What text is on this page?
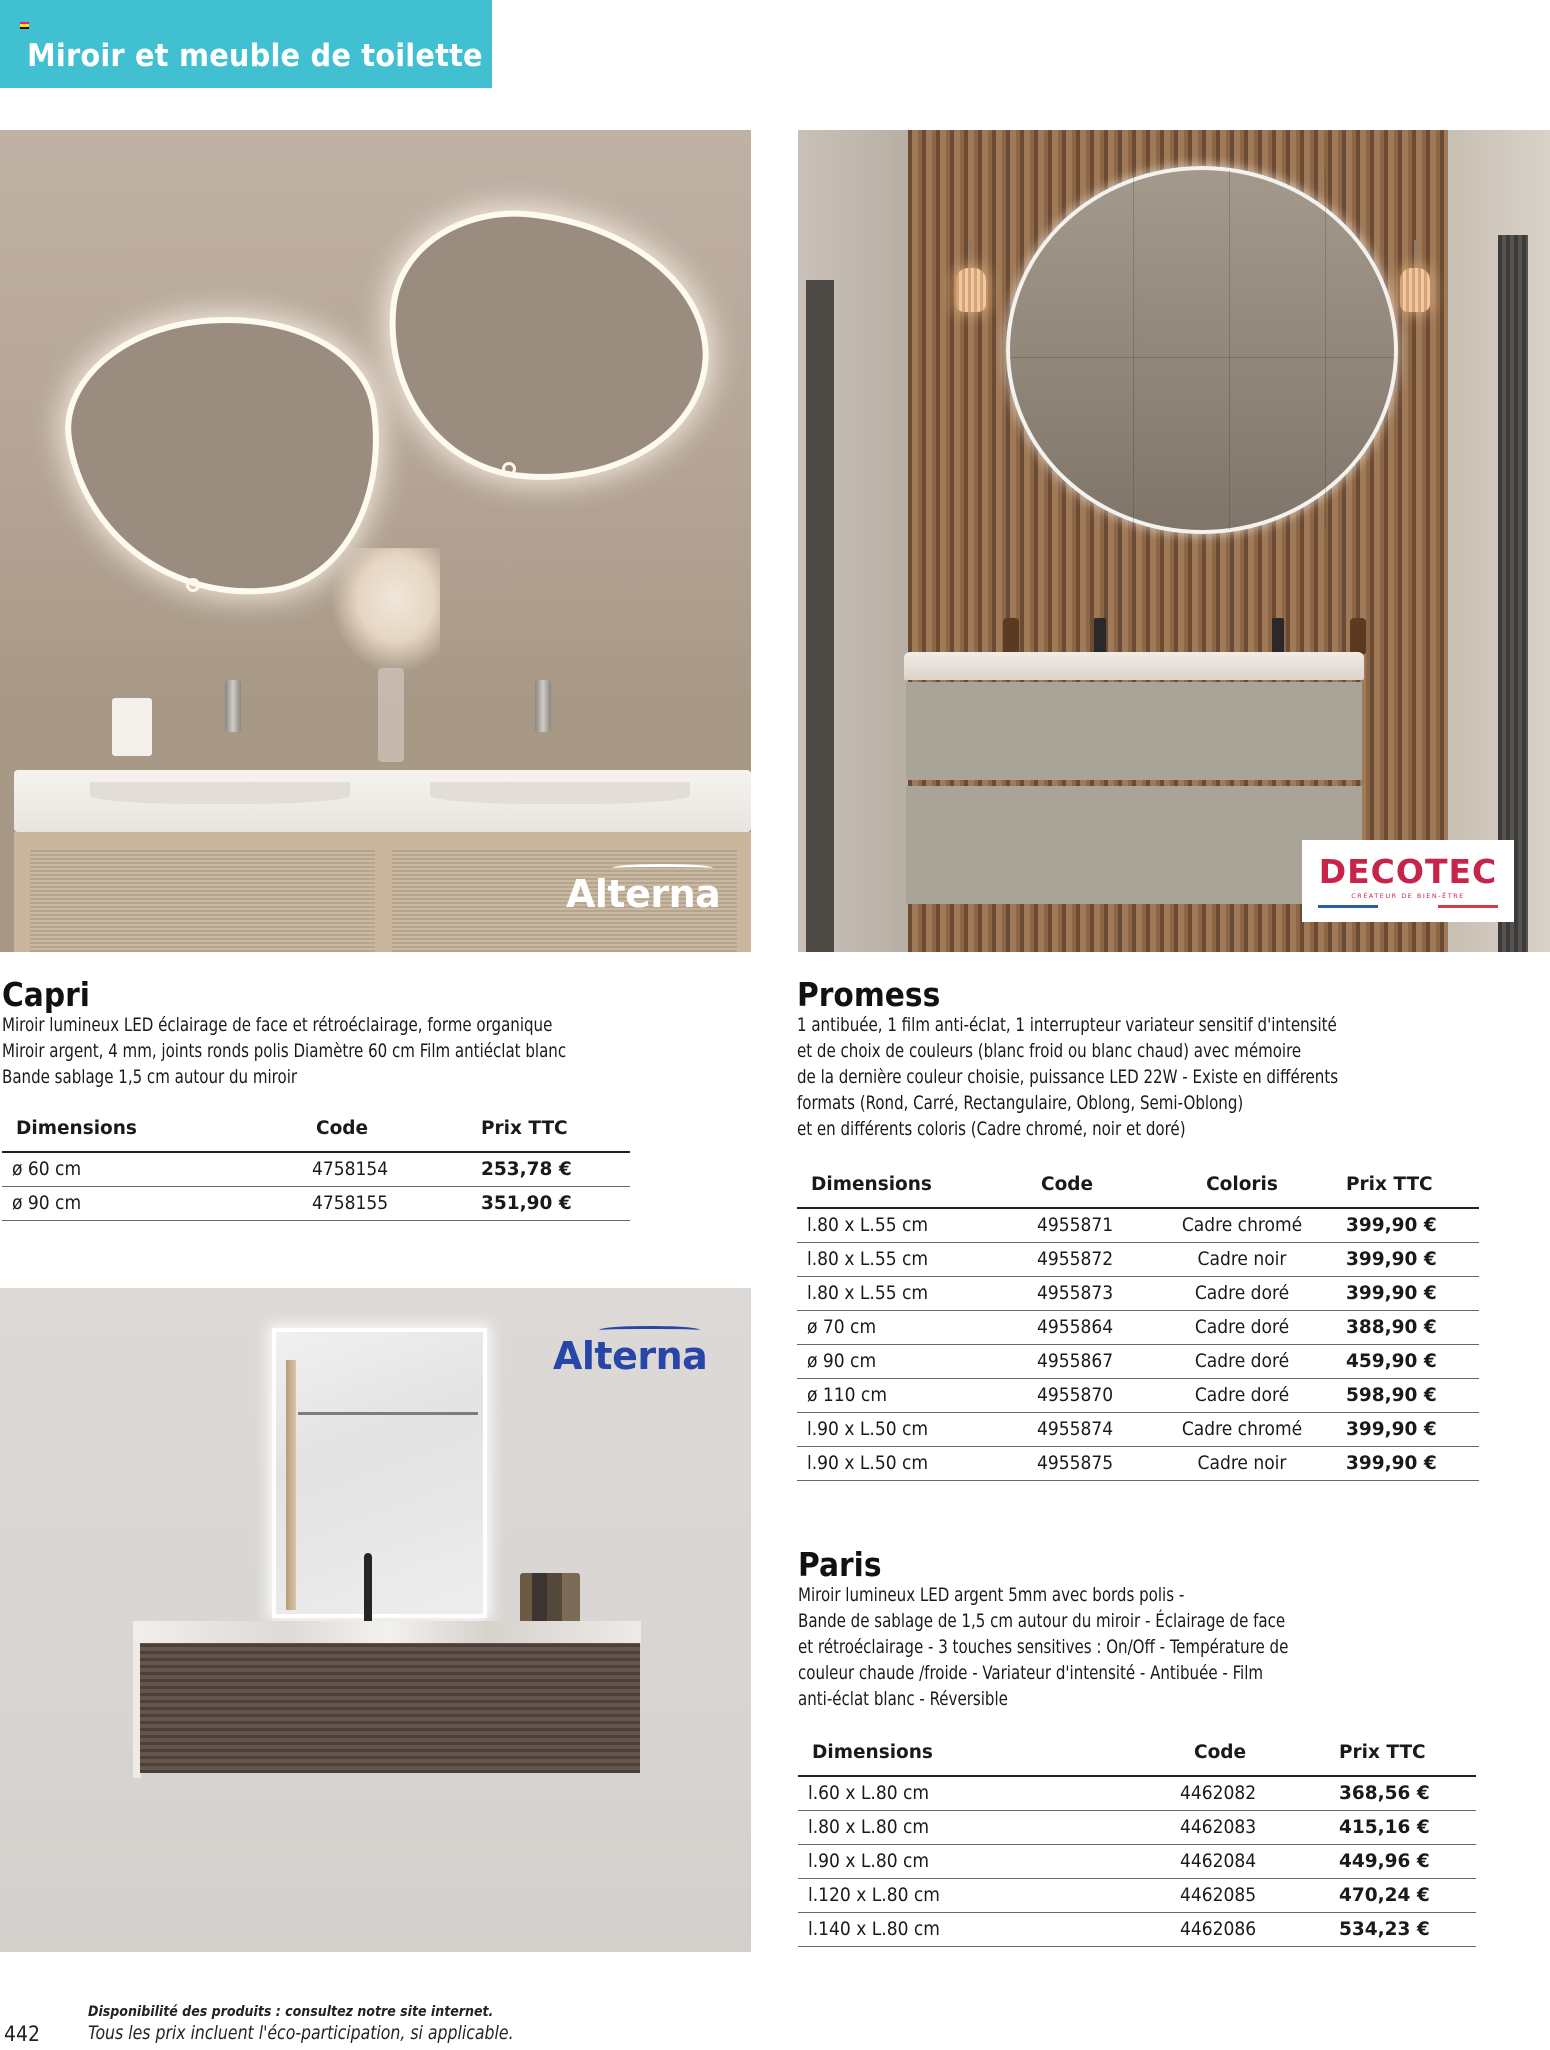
Miroir et meuble de toilette
Alterna
DECOTEC
CRÉATEUR DE BIEN-ÊTRE
Capri
Miroir lumineux LED éclairage de face et rétroéclairage, forme organique
Miroir argent, 4 mm, joints ronds polis Diamètre 60 cm Film antiéclat blanc
Bande sablage 1,5 cm autour du miroir
Dimensions	Code	Prix TTC
ø 60 cm	4758154	253,78 €
ø 90 cm	4758155	351,90 €
Promess
1 antibuée, 1 film anti-éclat, 1 interrupteur variateur sensitif d'intensité
et de choix de couleurs (blanc froid ou blanc chaud) avec mémoire
de la dernière couleur choisie, puissance LED 22W - Existe en différents
formats (Rond, Carré, Rectangulaire, Oblong, Semi-Oblong)
et en différents coloris (Cadre chromé, noir et doré)
Dimensions	Code	Coloris	Prix TTC
l.80 x L.55 cm	4955871	Cadre chromé	399,90 €
l.80 x L.55 cm	4955872	Cadre noir	399,90 €
l.80 x L.55 cm	4955873	Cadre doré	399,90 €
ø 70 cm	4955864	Cadre doré	388,90 €
ø 90 cm	4955867	Cadre doré	459,90 €
ø 110 cm	4955870	Cadre doré	598,90 €
l.90 x L.50 cm	4955874	Cadre chromé	399,90 €
l.90 x L.50 cm	4955875	Cadre noir	399,90 €
Alterna
Paris
Miroir lumineux LED argent 5mm avec bords polis -
Bande de sablage de 1,5 cm autour du miroir - Éclairage de face
et rétroéclairage - 3 touches sensitives : On/Off - Température de
couleur chaude /froide - Variateur d'intensité - Antibuée - Film
anti-éclat blanc - Réversible
Dimensions	Code	Prix TTC
l.60 x L.80 cm	4462082	368,56 €
l.80 x L.80 cm	4462083	415,16 €
l.90 x L.80 cm	4462084	449,96 €
l.120 x L.80 cm	4462085	470,24 €
l.140 x L.80 cm	4462086	534,23 €
442
Disponibilité des produits : consultez notre site internet.
Tous les prix incluent l'éco-participation, si applicable.
